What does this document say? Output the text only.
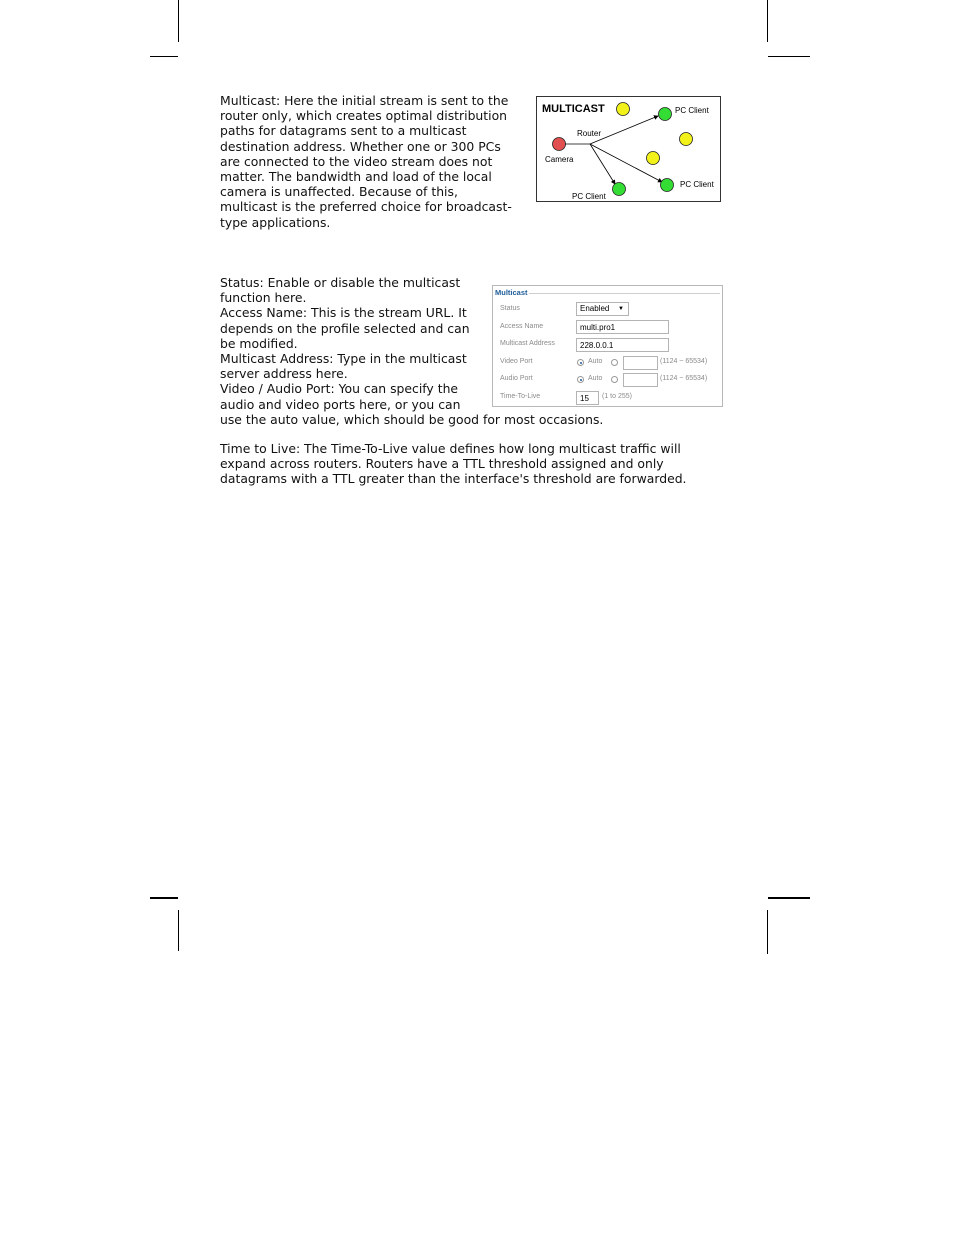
Multicast: Here the initial stream is sent to the
router only, which creates optimal distribution
paths for datagrams sent to a multicast
destination address. Whether one or 300 PCs
are connected to the video stream does not
matter. The bandwidth and load of the local
camera is unaffected. Because of this,
multicast is the preferred choice for broadcast-
type applications.

MULTICAST	PC Client
Router
Camera
PC Client
PC Client

Status: Enable or disable the multicast
function here.
Access Name: This is the stream URL. It
depends on the profile selected and can
be modified.
Multicast Address: Type in the multicast
server address here.
Video / Audio Port: You can specify the
audio and video ports here, or you can
use the auto value, which should be good for most occasions.

Multicast
Status	Enabled ▼
Access Name	multi.pro1
Multicast Address	228.0.0.1
Video Port	Auto	(1124 ~ 65534)
Audio Port	Auto	(1124 ~ 65534)
Time-To-Live	15	(1 to 255)

Time to Live: The Time-To-Live value defines how long multicast traffic will
expand across routers. Routers have a TTL threshold assigned and only
datagrams with a TTL greater than the interface's threshold are forwarded.
